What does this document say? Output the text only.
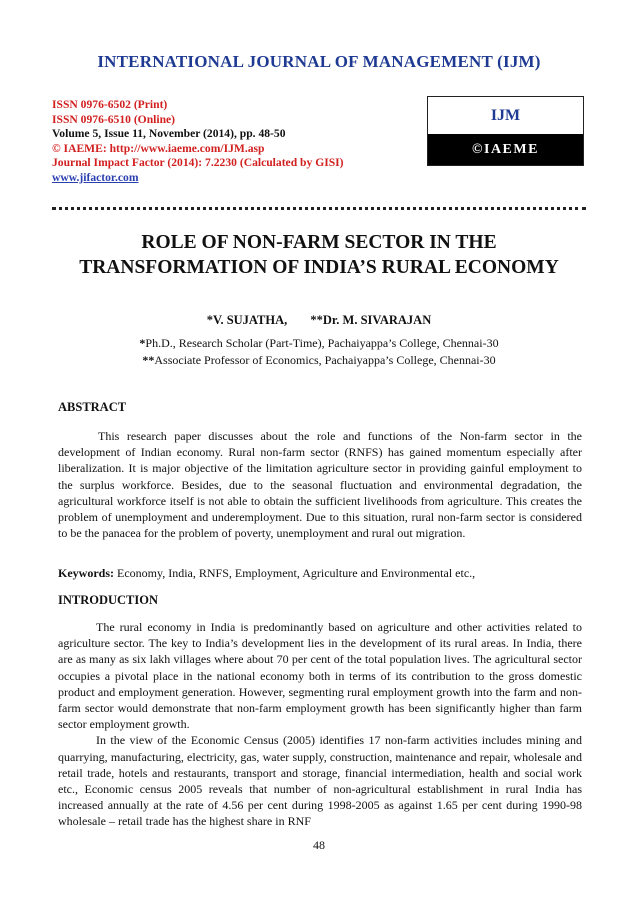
INTERNATIONAL JOURNAL OF MANAGEMENT (IJM)
ISSN 0976-6502 (Print)
ISSN 0976-6510 (Online)
Volume 5, Issue 11, November (2014), pp. 48-50
© IAEME: http://www.iaeme.com/IJM.asp
Journal Impact Factor (2014): 7.2230 (Calculated by GISI)
www.jifactor.com
IJM
©IAEME
ROLE OF NON-FARM SECTOR IN THE
TRANSFORMATION OF INDIA’S RURAL ECONOMY
*V. SUJATHA, **Dr. M. SIVARAJAN
*Ph.D., Research Scholar (Part-Time), Pachaiyappa’s College, Chennai-30
**Associate Professor of Economics, Pachaiyappa’s College, Chennai-30
ABSTRACT

This research paper discusses about the role and functions of the Non-farm sector in the development of Indian economy. Rural non-farm sector (RNFS) has gained momentum especially after liberalization. It is major objective of the limitation agriculture sector in providing gainful employment to the surplus workforce. Besides, due to the seasonal fluctuation and environmental degradation, the agricultural workforce itself is not able to obtain the sufficient livelihoods from agriculture. This creates the problem of unemployment and underemployment. Due to this situation, rural non-farm sector is considered to be the panacea for the problem of poverty, unemployment and rural out migration.

Keywords: Economy, India, RNFS, Employment, Agriculture and Environmental etc.,
INTRODUCTION

The rural economy in India is predominantly based on agriculture and other activities related to agriculture sector. The key to India’s development lies in the development of its rural areas. In India, there are as many as six lakh villages where about 70 per cent of the total population lives. The agricultural sector occupies a pivotal place in the national economy both in terms of its contribution to the gross domestic product and employment generation. However, segmenting rural employment growth into the farm and non-farm sector would demonstrate that non-farm employment growth has been significantly higher than farm sector employment growth.

In the view of the Economic Census (2005) identifies 17 non-farm activities includes mining and quarrying, manufacturing, electricity, gas, water supply, construction, maintenance and repair, wholesale and retail trade, hotels and restaurants, transport and storage, financial intermediation, health and social work etc., Economic census 2005 reveals that number of non-agricultural establishment in rural India has increased annually at the rate of 4.56 per cent during 1998-2005 as against 1.65 per cent during 1990-98 wholesale – retail trade has the highest share in RNF

48
